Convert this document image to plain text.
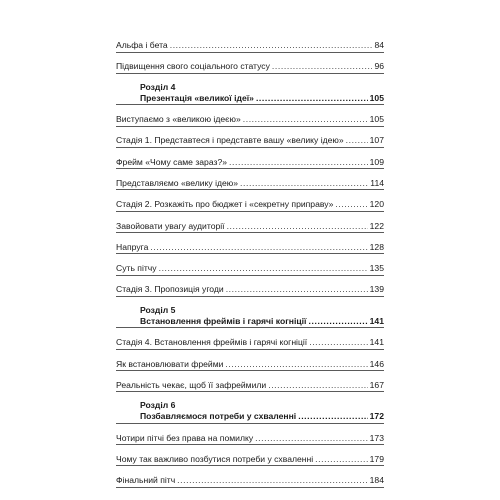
Альфа і бета .....	84
Підвищення свого соціального статусу .....	96
Розділ 4
Презентація «великої ідеї» .....	105
Виступаємо з «великою ідеєю» .....	105
Стадія 1. Представтеся і представте вашу «велику ідею» .....	107
Фрейм «Чому саме зараз?» .....	109
Представляємо «велику ідею» .....	114
Стадія 2. Розкажіть про бюджет і «секретну приправу» .....	120
Завойовати увагу аудиторії .....	122
Напруга .....	128
Суть пітчу .....	135
Стадія 3. Пропозиція угоди .....	139
Розділ 5
Встановлення фреймів і гарячі когніції .....	141
Стадія 4. Встановлення фреймів і гарячі когніції .....	141
Як встановлювати фрейми .....	146
Реальність чекає, щоб її зафреймили .....	167
Розділ 6
Позбавляємося потреби у схваленні .....	172
Чотири пітчі без права на помилку .....	173
Чому так важливо позбутися потреби у схваленні .....	179
Фінальний пітч .....	184
